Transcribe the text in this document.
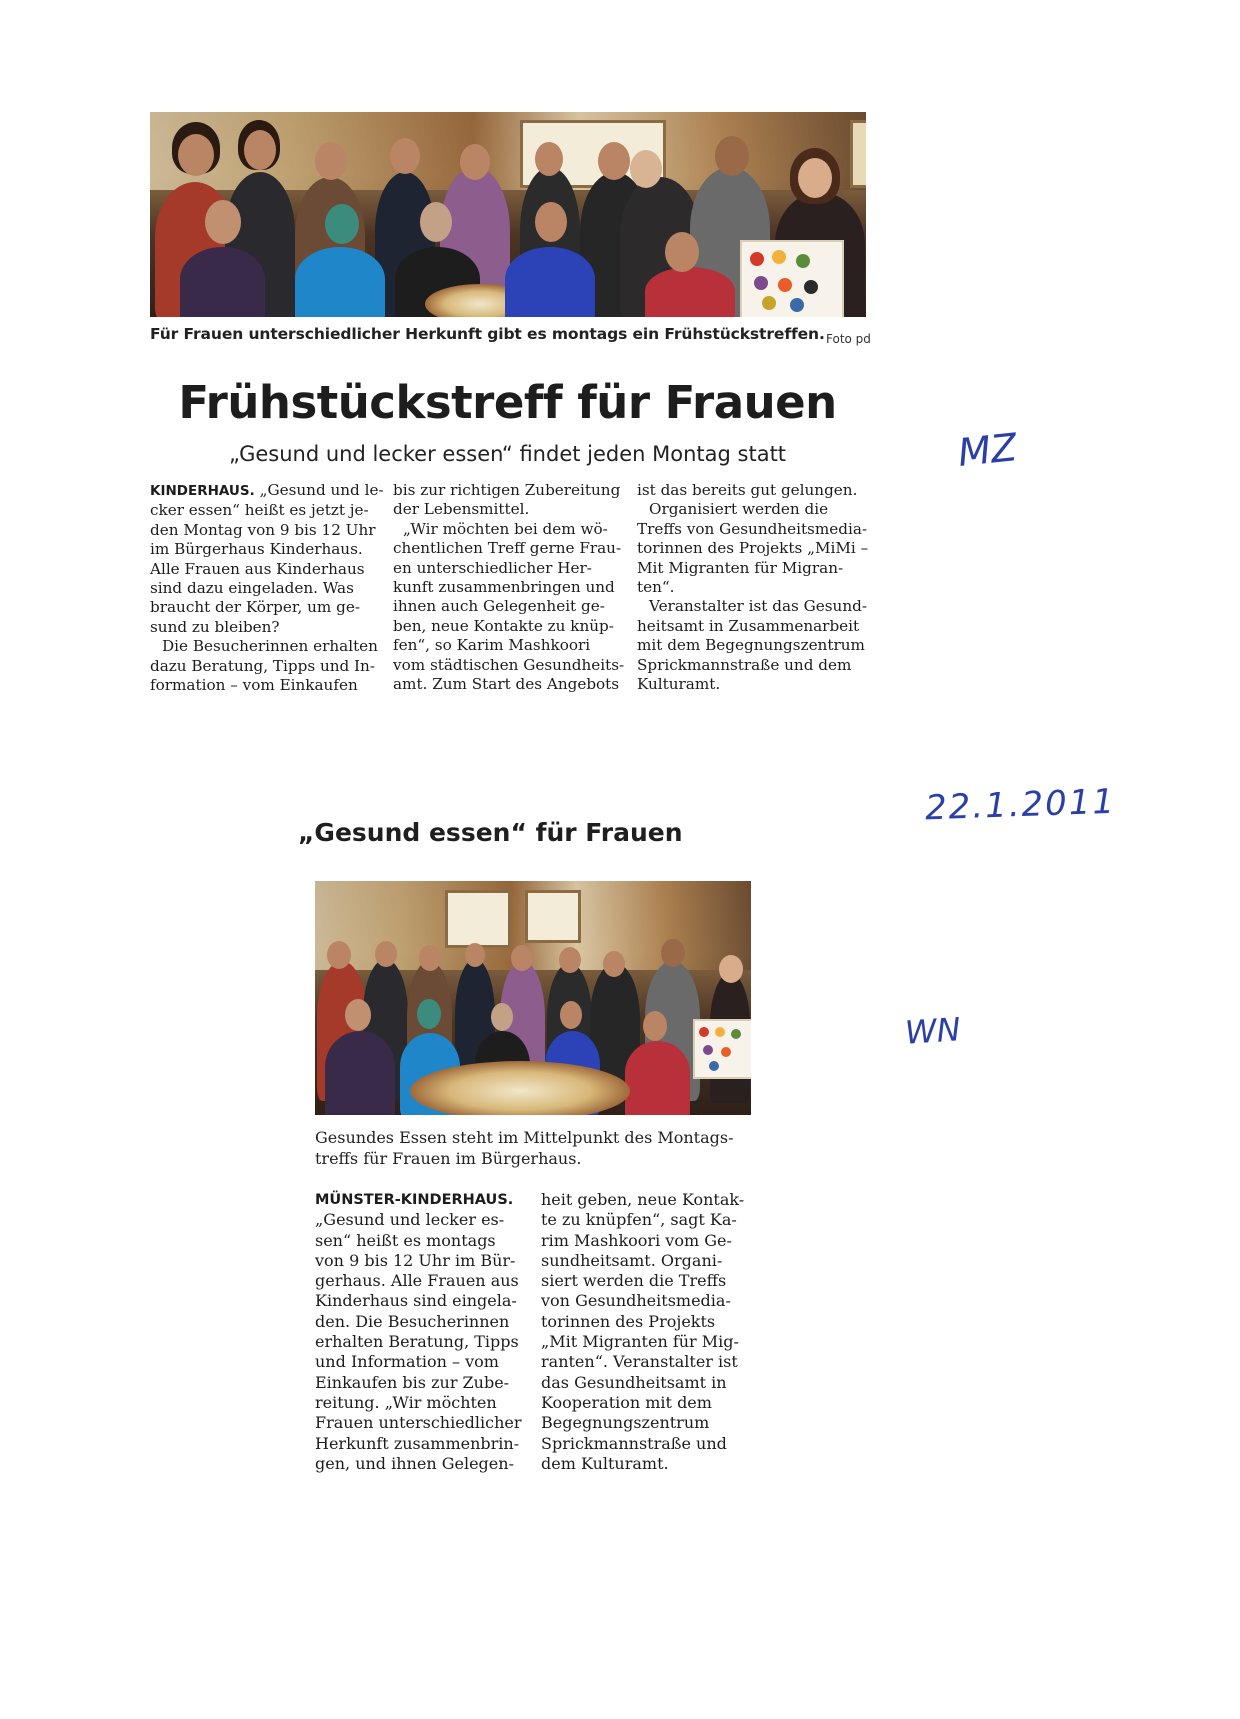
Für Frauen unterschiedlicher Herkunft gibt es montags ein Frühstückstreffen. Foto pd
Frühstückstreff für Frauen
„Gesund und lecker essen“ findet jeden Montag statt
KINDERHAUS. „Gesund und le-
cker essen“ heißt es jetzt je-
den Montag von 9 bis 12 Uhr
im Bürgerhaus Kinderhaus.
Alle Frauen aus Kinderhaus
sind dazu eingeladen. Was
braucht der Körper, um ge-
sund zu bleiben?
Die Besucherinnen erhalten
dazu Beratung, Tipps und In-
formation – vom Einkaufen
bis zur richtigen Zubereitung
der Lebensmittel.
„Wir möchten bei dem wö-
chentlichen Treff gerne Frau-
en unterschiedlicher Her-
kunft zusammenbringen und
ihnen auch Gelegenheit ge-
ben, neue Kontakte zu knüp-
fen“, so Karim Mashkoori
vom städtischen Gesundheits-
amt. Zum Start des Angebots
ist das bereits gut gelungen.
Organisiert werden die
Treffs von Gesundheitsmedia-
torinnen des Projekts „MiMi –
Mit Migranten für Migran-
ten“.
Veranstalter ist das Gesund-
heitsamt in Zusammenarbeit
mit dem Begegnungszentrum
Sprickmannstraße und dem
Kulturamt.
MZ
22.1.2011
WN
„Gesund essen“ für Frauen
Gesundes Essen steht im Mittelpunkt des Montags-treffs für Frauen im Bürgerhaus.
MÜNSTER-KINDERHAUS.
„Gesund und lecker es-
sen“ heißt es montags
von 9 bis 12 Uhr im Bür-
gerhaus. Alle Frauen aus
Kinderhaus sind eingela-
den. Die Besucherinnen
erhalten Beratung, Tipps
und Information – vom
Einkaufen bis zur Zube-
reitung. „Wir möchten
Frauen unterschiedlicher
Herkunft zusammenbrin-
gen, und ihnen Gelegen-
heit geben, neue Kontak-
te zu knüpfen“, sagt Ka-
rim Mashkoori vom Ge-
sundheitsamt. Organi-
siert werden die Treffs
von Gesundheitsmedia-
torinnen des Projekts
„Mit Migranten für Mig-
ranten“. Veranstalter ist
das Gesundheitsamt in
Kooperation mit dem
Begegnungszentrum
Sprickmannstraße und
dem Kulturamt.
